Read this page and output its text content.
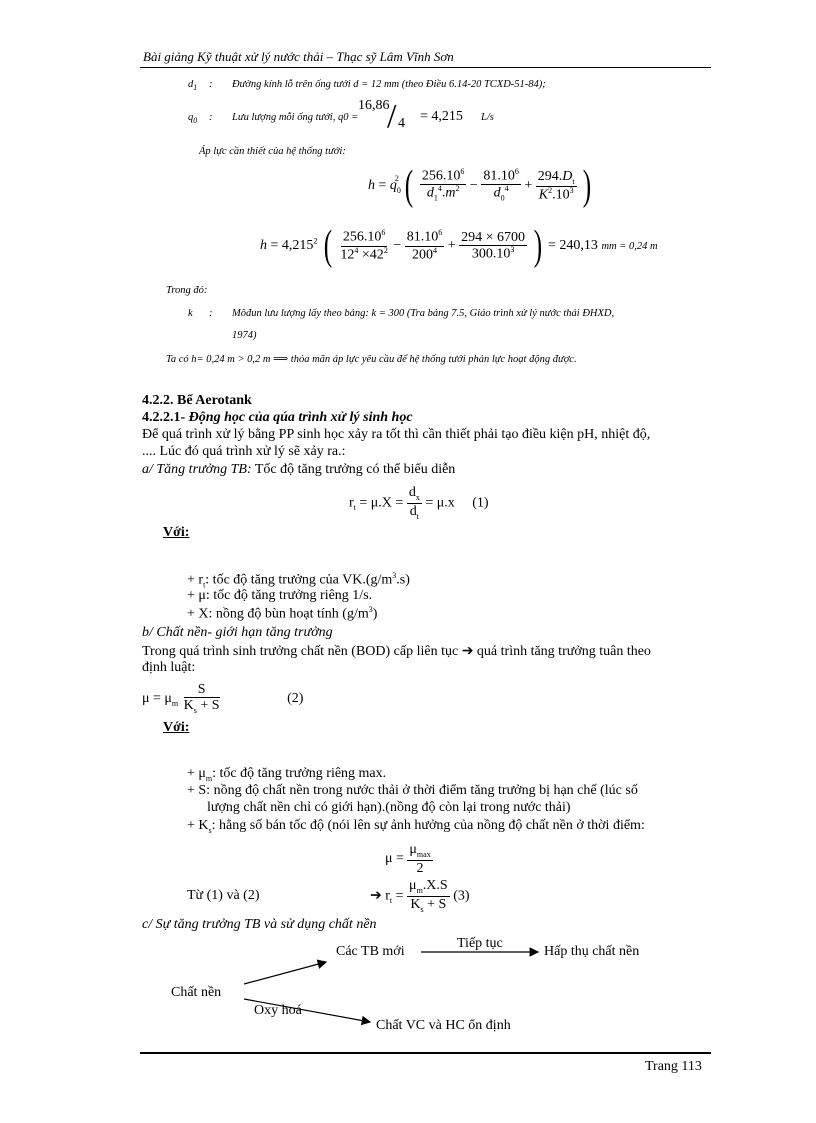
Bài giảng Kỹ thuật xử lý nước thải – Thạc sỹ Lâm Vĩnh Sơn
$d_1$ : Đường kính lỗ trên ống tưới d = 12 mm (theo Điều 6.14-20 TCXD-51-84);
$q_0$ : Lưu lượng mỗi ống tưới, q0 =
16,86
/ 4 = 4,215 L/s
Áp lực cần thiết của hệ thống tưới:
$h = q_0^2$ ( $\frac{256.10^6}{d_1^4.m^2} - \frac{81.10^6}{d_0^4} + \frac{294.D_t}{K^2.10^3}$ )
$h = 4,215^2$ ( $\frac{256.10^6}{12^4 \times 42^2} - \frac{81.10^6}{200^4} + \frac{294 \times 6700}{300.10^3}$ ) = 240,13 mm = 0,24 m
Trong đó:
k : Môđun lưu lượng lấy theo bảng: k = 300 (Tra bảng 7.5, Giáo trình xử lý nước thải ĐHXD,
1974)
Ta có h= 0,24 m > 0,2 m ⟹ thỏa mãn áp lực yêu cầu để hệ thống tưới phản lực hoạt động được.
4.2.2. Bể Aerotank
4.2.2.1- Động học của qúa trình xử lý sinh học
Để quá trình xử lý bằng PP sinh học xảy ra tốt thì cần thiết phải tạo điều kiện pH, nhiệt độ,
.... Lúc đó quá trình xử lý sẽ xảy ra.:
a/ Tăng trưởng TB: Tốc độ tăng trưởng có thể biểu diễn
$r_t = \mu.X = \frac{d_x}{d_t} = \mu.x$     (1)
Với:
+ $r_t$: tốc độ tăng trưởng của $VK.(g/m^3.s)$
+ μ: tốc độ tăng trưởng riêng 1/s.
+ X: nồng độ bùn hoạt tính $(g/m^3)$
b/ Chất nền- giới hạn tăng trưởng
Trong quá trình sinh trưởng chất nền (BOD) cấp liên tục ➔ quá trình tăng trưởng tuân theo
định luật:
$\mu = \mu_m \frac{S}{K_s + S}$	(2)
Với:
+ $\mu_m$: tốc độ tăng trưởng riêng max.
+ S: nồng độ chất nền trong nước thải ở thời điểm tăng trưởng bị hạn chế (lúc số
lượng chất nền chỉ có giới hạn).(nồng độ còn lại trong nước thải)
+ $K_s$: hằng số bán tốc độ (nói lên sự ảnh hưởng của nồng độ chất nền ở thời điểm:
$\mu = \frac{\mu_{max}}{2}$
Từ (1) và (2)	➔ $r_t = \frac{\mu_m.X.S}{K_s + S} (3)$
c/ Sự tăng trưởng TB và sử dụng chất nền
Các TB mới
Tiếp tục
Hấp thụ chất nền
Chất nền
Oxy hoá
Chất VC và HC ổn định
Trang 113
